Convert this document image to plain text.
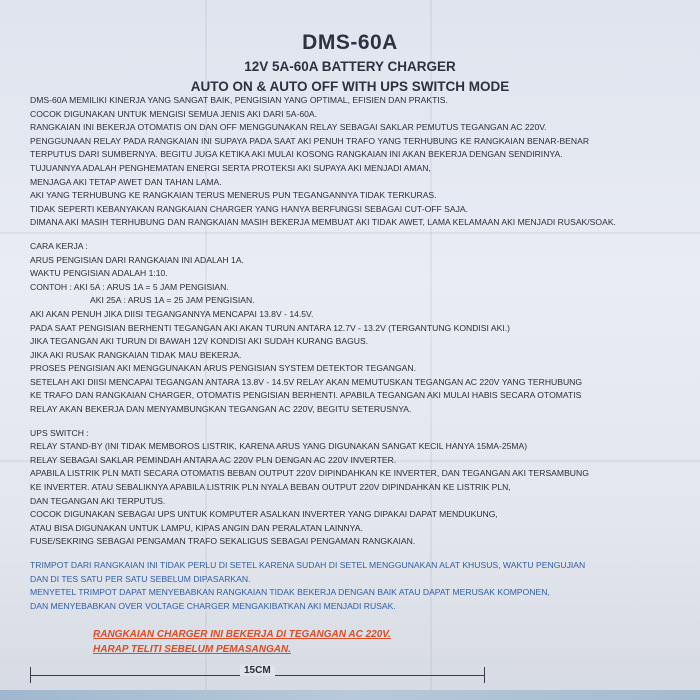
DMS-60A
12V 5A-60A BATTERY CHARGER
AUTO ON & AUTO OFF WITH UPS SWITCH MODE
DMS-60A MEMILIKI KINERJA YANG SANGAT BAIK, PENGISIAN YANG OPTIMAL, EFISIEN DAN PRAKTIS.
COCOK DIGUNAKAN UNTUK MENGISI SEMUA JENIS AKI DARI 5A-60A.
RANGKAIAN INI BEKERJA OTOMATIS ON DAN OFF MENGGUNAKAN RELAY SEBAGAI SAKLAR PEMUTUS TEGANGAN AC 220V.
PENGGUNAAN RELAY PADA RANGKAIAN INI SUPAYA PADA SAAT AKI PENUH TRAFO YANG TERHUBUNG KE RANGKAIAN BENAR-BENAR
TERPUTUS DARI SUMBERNYA. BEGITU JUGA KETIKA AKI MULAI KOSONG RANGKAIAN INI AKAN BEKERJA DENGAN SENDIRINYA.
TUJUANNYA ADALAH PENGHEMATAN ENERGI SERTA PROTEKSI AKI SUPAYA AKI MENJADI AMAN,
MENJAGA AKI TETAP AWET DAN TAHAN LAMA.
AKI YANG TERHUBUNG KE RANGKAIAN TERUS MENERUS PUN TEGANGANNYA TIDAK TERKURAS.
TIDAK SEPERTI KEBANYAKAN RANGKAIAN CHARGER YANG HANYA BERFUNGSI SEBAGAI CUT-OFF SAJA.
DIMANA AKI MASIH TERHUBUNG DAN RANGKAIAN MASIH BEKERJA MEMBUAT AKI TIDAK AWET, LAMA KELAMAAN AKI MENJADI RUSAK/SOAK.
CARA KERJA :
ARUS PENGISIAN DARI RANGKAIAN INI ADALAH 1A.
WAKTU PENGISIAN ADALAH 1:10.
CONTOH : AKI 5A : ARUS 1A = 5 JAM PENGISIAN.
AKI 25A : ARUS 1A = 25 JAM PENGISIAN.
AKI AKAN PENUH JIKA DIISI TEGANGANNYA MENCAPAI 13.8V - 14.5V.
PADA SAAT PENGISIAN BERHENTI TEGANGAN AKI AKAN TURUN ANTARA 12.7V - 13.2V (TERGANTUNG KONDISI AKI.)
JIKA TEGANGAN AKI TURUN DI BAWAH 12V KONDISI AKI SUDAH KURANG BAGUS.
JIKA AKI RUSAK RANGKAIAN TIDAK MAU BEKERJA.
PROSES PENGISIAN AKI MENGGUNAKAN ARUS PENGISIAN SYSTEM DETEKTOR TEGANGAN.
SETELAH AKI DIISI MENCAPAI TEGANGAN ANTARA 13.8V - 14.5V RELAY AKAN MEMUTUSKAN TEGANGAN AC 220V YANG TERHUBUNG
KE TRAFO DAN RANGKAIAN CHARGER, OTOMATIS PENGISIAN BERHENTI. APABILA TEGANGAN AKI MULAI HABIS SECARA OTOMATIS
RELAY AKAN BEKERJA DAN MENYAMBUNGKAN TEGANGAN AC 220V, BEGITU SETERUSNYA.
UPS SWITCH :
RELAY STAND-BY (INI TIDAK MEMBOROS LISTRIK, KARENA ARUS YANG DIGUNAKAN SANGAT KECIL HANYA 15MA-25MA)
RELAY SEBAGAI SAKLAR PEMINDAH ANTARA AC 220V PLN DENGAN AC 220V INVERTER.
APABILA LISTRIK PLN MATI SECARA OTOMATIS BEBAN OUTPUT 220V DIPINDAHKAN KE INVERTER, DAN TEGANGAN AKI TERSAMBUNG
KE INVERTER. ATAU SEBALIKNYA APABILA LISTRIK PLN NYALA BEBAN OUTPUT 220V DIPINDAHKAN KE LISTRIK PLN,
DAN TEGANGAN AKI TERPUTUS.
COCOK DIGUNAKAN SEBAGAI UPS UNTUK KOMPUTER ASALKAN INVERTER YANG DIPAKAI DAPAT MENDUKUNG,
ATAU BISA DIGUNAKAN UNTUK LAMPU, KIPAS ANGIN DAN PERALATAN LAINNYA.
FUSE/SEKRING SEBAGAI PENGAMAN TRAFO SEKALIGUS SEBAGAI PENGAMAN RANGKAIAN.
TRIMPOT DARI RANGKAIAN INI TIDAK PERLU DI SETEL KARENA SUDAH DI SETEL MENGGUNAKAN ALAT KHUSUS, WAKTU PENGUJIAN
DAN DI TES SATU PER SATU SEBELUM DIPASARKAN.
MENYETEL TRIMPOT DAPAT MENYEBABKAN RANGKAIAN TIDAK BEKERJA DENGAN BAIK ATAU DAPAT MERUSAK KOMPONEN,
DAN MENYEBABKAN OVER VOLTAGE CHARGER MENGAKIBATKAN AKI MENJADI RUSAK.
RANGKAIAN CHARGER INI BEKERJA DI TEGANGAN AC 220V.
HARAP TELITI SEBELUM PEMASANGAN.
15CM
